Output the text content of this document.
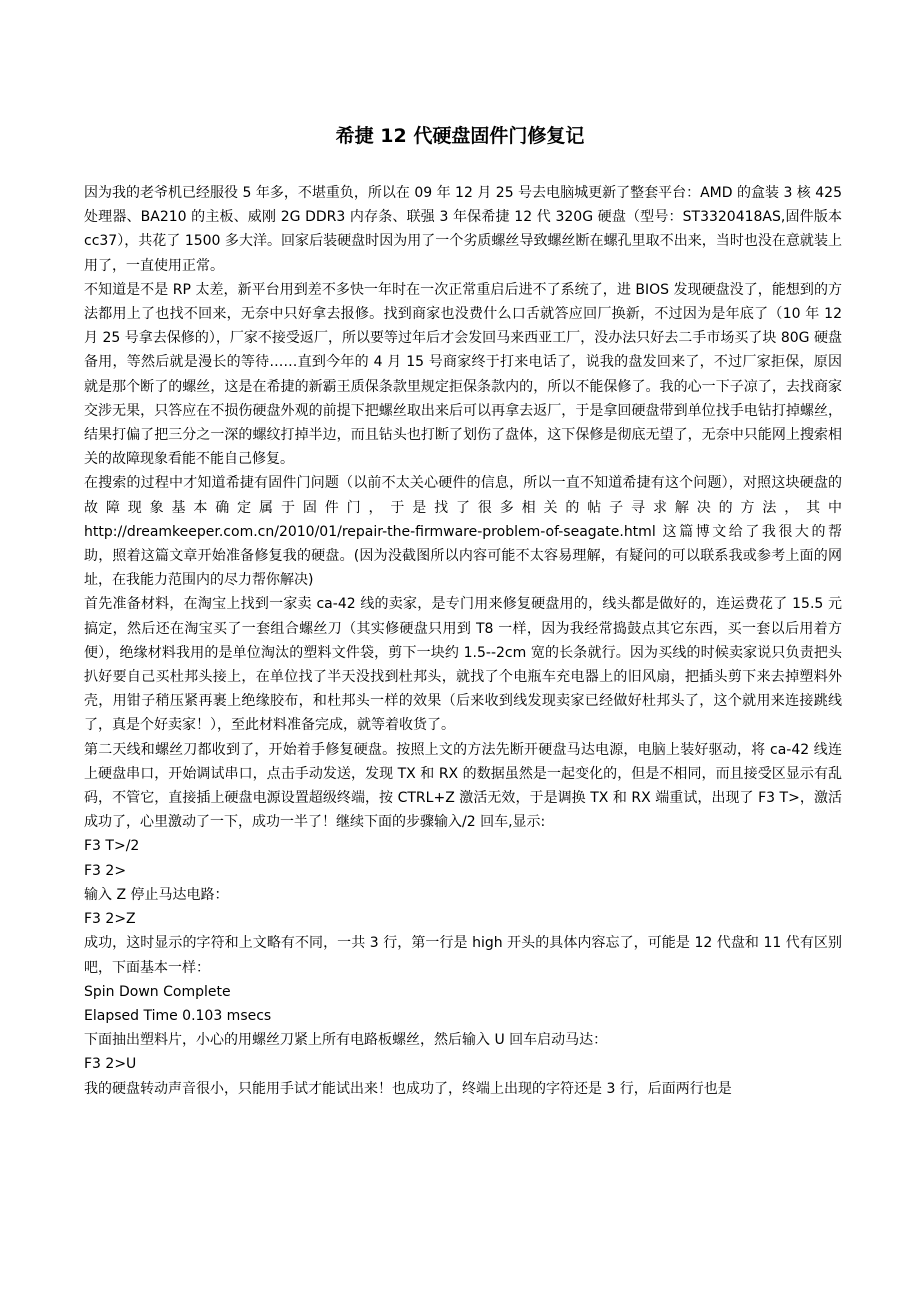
希捷 12 代硬盘固件门修复记

因为我的老爷机已经服役 5 年多，不堪重负，所以在 09 年 12 月 25 号去电脑城更新了整套平台：AMD 的盒装 3 核 425 处理器、BA210 的主板、威刚 2G DDR3 内存条、联强 3 年保希捷 12 代 320G 硬盘（型号：ST3320418AS,固件版本 cc37），共花了 1500 多大洋。回家后装硬盘时因为用了一个劣质螺丝导致螺丝断在螺孔里取不出来，当时也没在意就装上用了，一直使用正常。

不知道是不是 RP 太差，新平台用到差不多快一年时在一次正常重启后进不了系统了，进 BIOS 发现硬盘没了，能想到的方法都用上了也找不回来，无奈中只好拿去报修。找到商家也没费什么口舌就答应回厂换新，不过因为是年底了（10 年 12 月 25 号拿去保修的），厂家不接受返厂，所以要等过年后才会发回马来西亚工厂，没办法只好去二手市场买了块 80G 硬盘备用，等然后就是漫长的等待……直到今年的 4 月 15 号商家终于打来电话了，说我的盘发回来了，不过厂家拒保，原因就是那个断了的螺丝，这是在希捷的新霸王质保条款里规定拒保条款内的，所以不能保修了。我的心一下子凉了，去找商家交涉无果，只答应在不损伤硬盘外观的前提下把螺丝取出来后可以再拿去返厂，于是拿回硬盘带到单位找手电钻打掉螺丝，结果打偏了把三分之一深的螺纹打掉半边，而且钻头也打断了划伤了盘体，这下保修是彻底无望了，无奈中只能网上搜索相关的故障现象看能不能自己修复。

在搜索的过程中才知道希捷有固件门问题（以前不太关心硬件的信息，所以一直不知道希捷有这个问题），对照这块硬盘的故障现象基本确定属于固件门，于是找了很多相关的帖子寻求解决的方法，其中 http://dreamkeeper.com.cn/2010/01/repair-the-firmware-problem-of-seagate.html 这篇博文给了我很大的帮助，照着这篇文章开始准备修复我的硬盘。(因为没截图所以内容可能不太容易理解，有疑问的可以联系我或参考上面的网址，在我能力范围内的尽力帮你解决)

首先准备材料，在淘宝上找到一家卖 ca-42 线的卖家，是专门用来修复硬盘用的，线头都是做好的，连运费花了 15.5 元搞定，然后还在淘宝买了一套组合螺丝刀（其实修硬盘只用到 T8 一样，因为我经常捣鼓点其它东西，买一套以后用着方便），绝缘材料我用的是单位淘汰的塑料文件袋，剪下一块约 1.5--2cm 宽的长条就行。因为买线的时候卖家说只负责把头扒好要自己买杜邦头接上，在单位找了半天没找到杜邦头，就找了个电瓶车充电器上的旧风扇，把插头剪下来去掉塑料外壳，用钳子稍压紧再裹上绝缘胶布，和杜邦头一样的效果（后来收到线发现卖家已经做好杜邦头了，这个就用来连接跳线了，真是个好卖家！），至此材料准备完成，就等着收货了。

第二天线和螺丝刀都收到了，开始着手修复硬盘。按照上文的方法先断开硬盘马达电源，电脑上装好驱动，将 ca-42 线连上硬盘串口，开始调试串口，点击手动发送，发现 TX 和 RX 的数据虽然是一起变化的，但是不相同，而且接受区显示有乱码，不管它，直接插上硬盘电源设置超级终端，按 CTRL+Z 激活无效，于是调换 TX 和 RX 端重试，出现了 F3 T>，激活成功了，心里激动了一下，成功一半了！继续下面的步骤输入/2 回车,显示:

F3 T>/2

F3 2>

输入 Z 停止马达电路：

F3 2>Z

成功，这时显示的字符和上文略有不同，一共 3 行，第一行是 high 开头的具体内容忘了，可能是 12 代盘和 11 代有区别吧，下面基本一样：

Spin Down Complete

Elapsed Time 0.103 msecs

下面抽出塑料片，小心的用螺丝刀紧上所有电路板螺丝，然后输入 U 回车启动马达：

F3 2>U

我的硬盘转动声音很小，只能用手试才能试出来！也成功了，终端上出现的字符还是 3 行，后面两行也是
